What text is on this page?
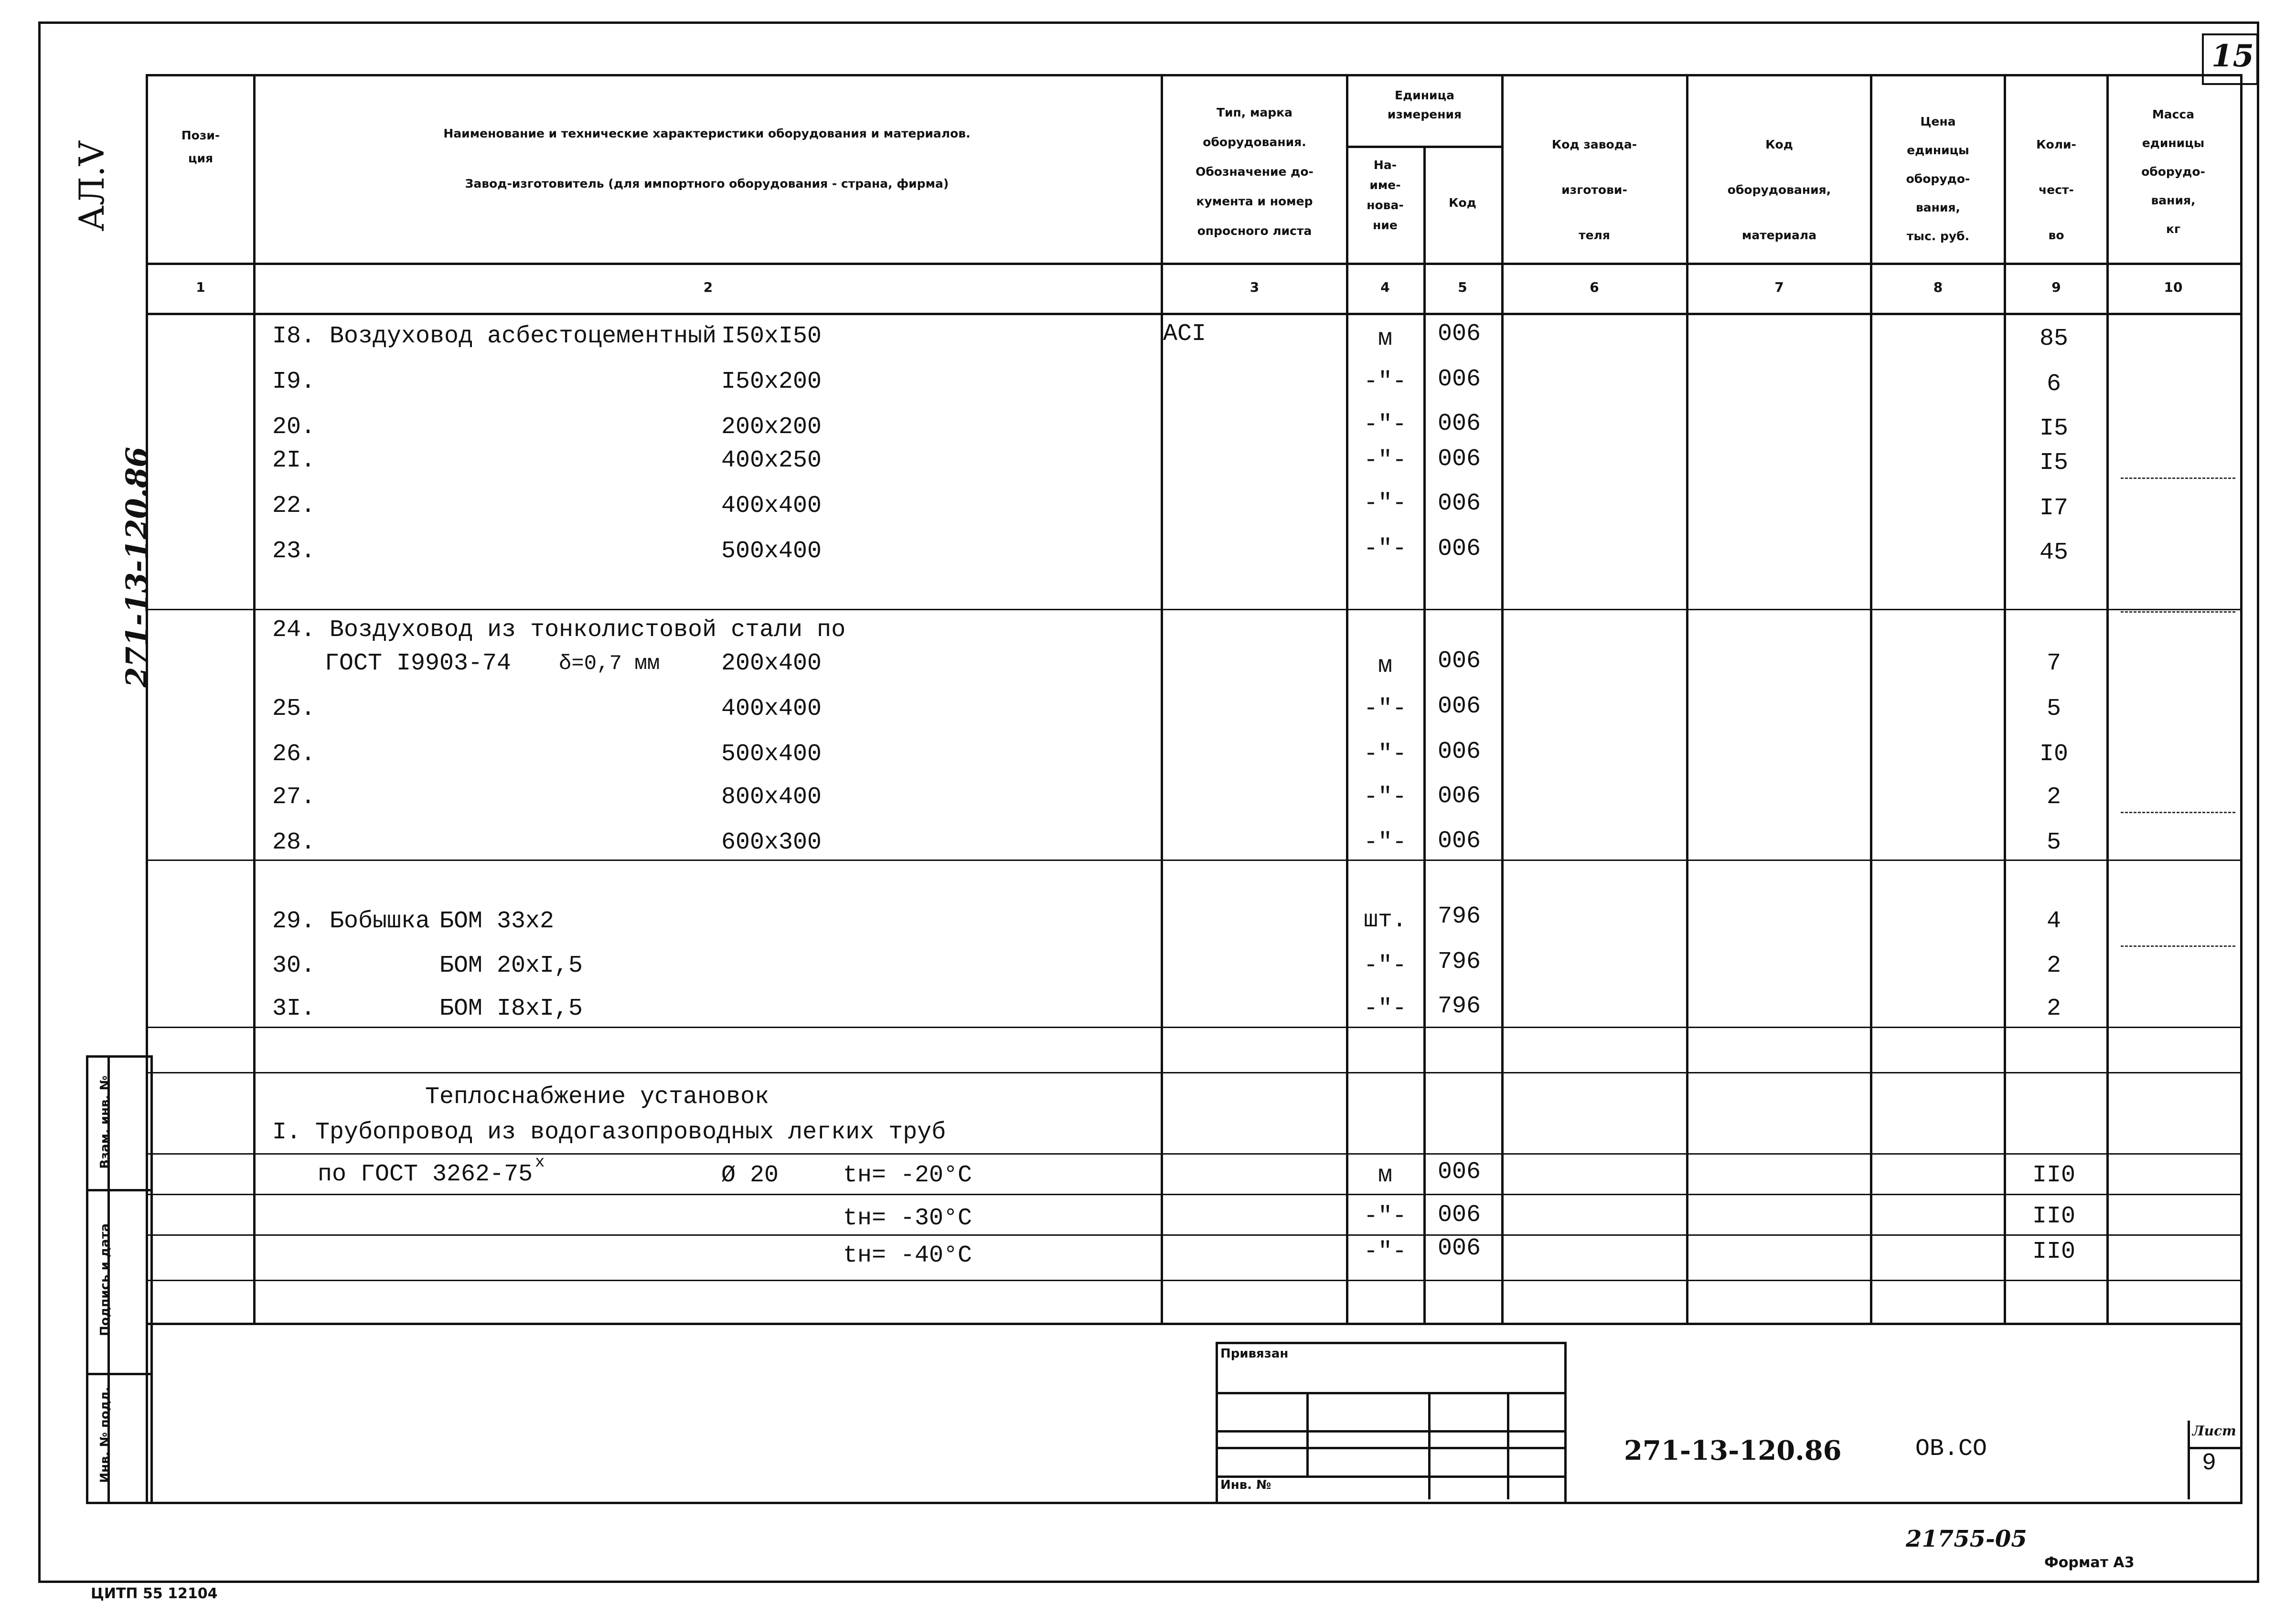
15
АЛ.V
271-13-120.86
Взам. инв. №
Подпись и дата
Инв. № подл.
Пози-
ция
Наименование и технические характеристики оборудования и материалов.
Завод-изготовитель (для импортного оборудования - страна, фирма)
Тип, марка
оборудования.
Обозначение до-
кумента и номер
опросного листа
Единица
измерения
На-
име-
нова-
ние
Код
Код завода-
изготови-
теля
Код
оборудования,
материала
Цена
единицы
оборудо-
вания,
тыс. руб.
Коли-
чест-
во
Масса
единицы
оборудо-
вания,
кг
1	2	3	4	5	6	7	8	9	10
I8. Воздуховод асбестоцементный I50xI50	ACI	м	006	85
I9.	I50x200	-"-	006	6
20.	200x200	-"-	006	I5
2I.	400x250	-"-	006	I5
22.	400x400	-"-	006	I7
23.	500x400	-"-	006	45
24. Воздуховод из тонколистовой стали по
ГОСТ I9903-74 δ=0,7 мм	200x400	м	006	7
25.	400x400	-"-	006	5
26.	500x400	-"-	006	I0
27.	800x400	-"-	006	2
28.	600x300	-"-	006	5
29. Бобышка БОМ 33x2	шт.	796	4
30.	БОМ 20xI,5	-"-	796	2
3I.	БОМ I8xI,5	-"-	796	2
Теплоснабжение установок
I. Трубопровод из водогазопроводных легких труб
по ГОСТ 3262-75 x	Ø 20	tн= -20°С	м	006	II0
tн= -30°С	-"-	006	II0
tн= -40°С	-"-	006	II0
Привязан
Инв. №
Лист
9
271-13-120.86	ОВ.СО
21755-05
Формат А3
ЦИТП 55 12104
